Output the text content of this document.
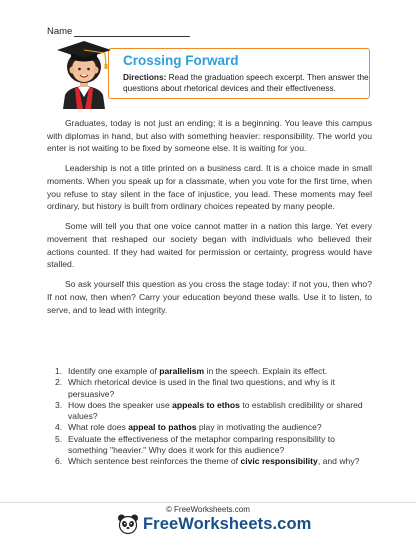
Name
Crossing Forward
Directions: Read the graduation speech excerpt. Then answer the questions about rhetorical devices and their effectiveness.

Graduates, today is not just an ending; it is a beginning. You leave this campus with diplomas in hand, but also with something heavier: responsibility. The world you enter is not waiting to be fixed by someone else. It is waiting for you.

Leadership is not a title printed on a business card. It is a choice made in small moments. When you speak up for a classmate, when you vote for the first time, when you refuse to stay silent in the face of injustice, you lead. These moments may feel ordinary, but history is built from ordinary choices repeated by many people.

Some will tell you that one voice cannot matter in a nation this large. Yet every movement that reshaped our society began with individuals who believed their actions counted. If they had waited for permission or certainty, progress would have stalled.

So ask yourself this question as you cross the stage today: if not you, then who? If not now, then when? Carry your education beyond these walls. Use it to listen, to serve, and to lead with integrity.

1. Identify one example of parallelism in the speech. Explain its effect.
2. Which rhetorical device is used in the final two questions, and why is it persuasive?
3. How does the speaker use appeals to ethos to establish credibility or shared values?
4. What role does appeal to pathos play in motivating the audience?
5. Evaluate the effectiveness of the metaphor comparing responsibility to something "heavier." Why does it work for this audience?
6. Which sentence best reinforces the theme of civic responsibility, and why?
© FreeWorksheets.com
FreeWorksheets.com
